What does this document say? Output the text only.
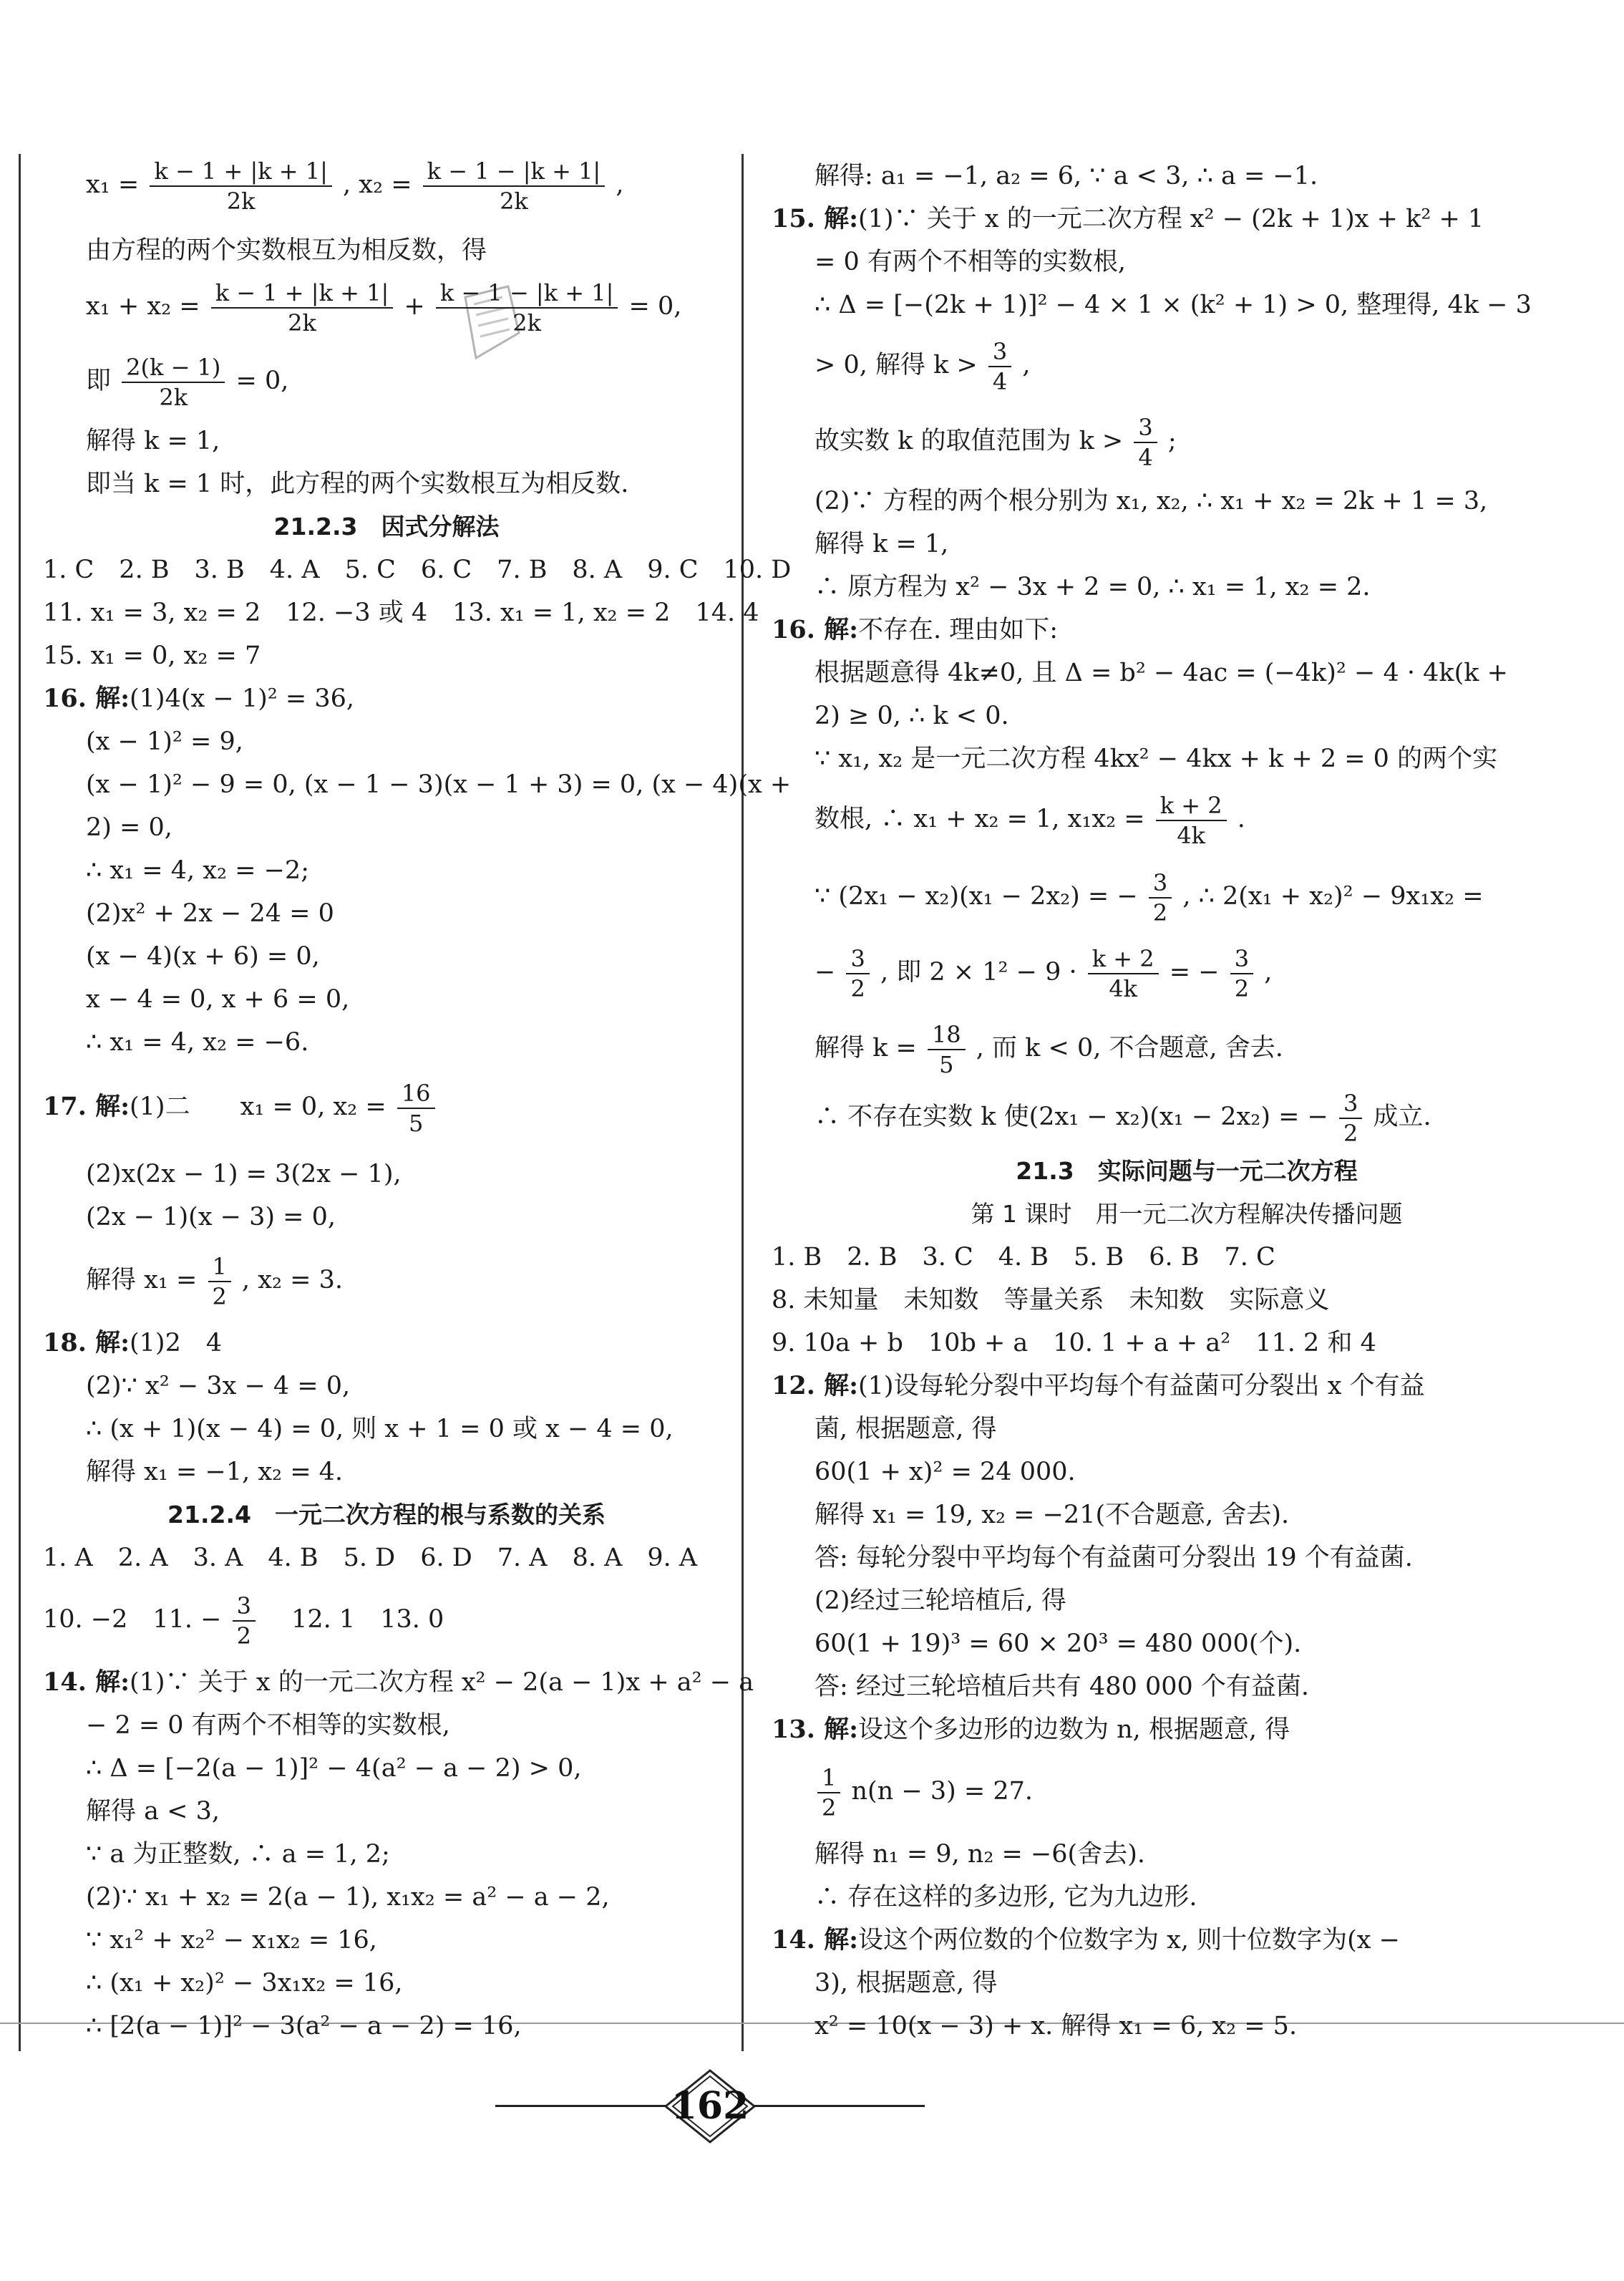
$x_1 = \frac{k - 1 + |k + 1|}{2k}$ , $x_2 = \frac{k - 1 - |k + 1|}{2k}$ ,
由方程的两个实数根互为相反数，得
$x_1 + x_2 = \frac{k - 1 + |k + 1|}{2k} + \frac{k - 1 - |k + 1|}{2k} = 0$,
即 $\frac{2(k - 1)}{2k} = 0$,
解得 k = 1,
即当 k = 1 时，此方程的两个实数根互为相反数.
21.2.3　因式分解法
1. C　2. B　3. B　4. A　5. C　6. C　7. B　8. A　9. C　10. D
11. x₁ = 3, x₂ = 2　12. −3 或 4　13. x₁ = 1, x₂ = 2　14. 4
15. x₁ = 0, x₂ = 7
16. 解:(1)4(x − 1)² = 36,
(x − 1)² = 9,
(x − 1)² − 9 = 0, (x − 1 − 3)(x − 1 + 3) = 0, (x − 4)(x +
2) = 0,
∴ x₁ = 4, x₂ = −2;
(2)x² + 2x − 24 = 0
(x − 4)(x + 6) = 0,
x − 4 = 0, x + 6 = 0,
∴ x₁ = 4, x₂ = −6.
17. 解:(1)二　　x₁ = 0, $x_2 = \frac{16}{5}$
(2)x(2x − 1) = 3(2x − 1),
(2x − 1)(x − 3) = 0,
解得 $x_1 = \frac{1}{2}$ , x₂ = 3.
18. 解:(1)2　4
(2)∵ x² − 3x − 4 = 0,
∴ (x + 1)(x − 4) = 0, 则 x + 1 = 0 或 x − 4 = 0,
解得 x₁ = −1, x₂ = 4.
21.2.4　一元二次方程的根与系数的关系
1. A　2. A　3. A　4. B　5. D　6. D　7. A　8. A　9. A
10. −2　11. − $\frac{3}{2}$ 　12. 1　13. 0
14. 解:(1)∵ 关于 x 的一元二次方程 x² − 2(a − 1)x + a² − a
− 2 = 0 有两个不相等的实数根,
∴ Δ = [−2(a − 1)]² − 4(a² − a − 2) > 0,
解得 a < 3,
∵ a 为正整数, ∴ a = 1, 2;
(2)∵ x₁ + x₂ = 2(a − 1), x₁x₂ = a² − a − 2,
∵ x₁² + x₂² − x₁x₂ = 16,
∴ (x₁ + x₂)² − 3x₁x₂ = 16,
∴ [2(a − 1)]² − 3(a² − a − 2) = 16,
解得: a₁ = −1, a₂ = 6, ∵ a < 3, ∴ a = −1.
15. 解:(1)∵ 关于 x 的一元二次方程 x² − (2k + 1)x + k² + 1
= 0 有两个不相等的实数根,
∴ Δ = [−(2k + 1)]² − 4 × 1 × (k² + 1) > 0, 整理得, 4k − 3
> 0, 解得 $k > \frac{3}{4}$ ,
故实数 k 的取值范围为 $k > \frac{3}{4}$ ;
(2)∵ 方程的两个根分别为 x₁, x₂, ∴ x₁ + x₂ = 2k + 1 = 3,
解得 k = 1,
∴ 原方程为 x² − 3x + 2 = 0, ∴ x₁ = 1, x₂ = 2.
16. 解:不存在. 理由如下:
根据题意得 4k≠0, 且 Δ = b² − 4ac = (−4k)² − 4 · 4k(k +
2) ≥ 0, ∴ k < 0.
∵ x₁, x₂ 是一元二次方程 4kx² − 4kx + k + 2 = 0 的两个实
数根, ∴ x₁ + x₂ = 1, $x_1x_2 = \frac{k + 2}{4k}$ .
∵ (2x₁ − x₂)(x₁ − 2x₂) = − $\frac{3}{2}$ , ∴ 2(x₁ + x₂)² − 9x₁x₂ =
− $\frac{3}{2}$ , 即 $2 \times 1^2 - 9 \cdot \frac{k + 2}{4k}$ = − $\frac{3}{2}$ ,
解得 $k = \frac{18}{5}$ , 而 k < 0, 不合题意, 舍去.
∴ 不存在实数 k 使(2x₁ − x₂)(x₁ − 2x₂) = − $\frac{3}{2}$ 成立.
21.3　实际问题与一元二次方程
第 1 课时　用一元二次方程解决传播问题
1. B　2. B　3. C　4. B　5. B　6. B　7. C
8. 未知量　未知数　等量关系　未知数　实际意义
9. 10a + b　10b + a　10. 1 + a + a²　11. 2 和 4
12. 解:(1)设每轮分裂中平均每个有益菌可分裂出 x 个有益
菌, 根据题意, 得
60(1 + x)² = 24 000.
解得 x₁ = 19, x₂ = −21(不合题意, 舍去).
答: 每轮分裂中平均每个有益菌可分裂出 19 个有益菌.
(2)经过三轮培植后, 得
60(1 + 19)³ = 60 × 20³ = 480 000(个).
答: 经过三轮培植后共有 480 000 个有益菌.
13. 解:设这个多边形的边数为 n, 根据题意, 得
$\frac{1}{2} n(n - 3) = 27$.
解得 n₁ = 9, n₂ = −6(舍去).
∴ 存在这样的多边形, 它为九边形.
14. 解:设这个两位数的个位数字为 x, 则十位数字为(x −
3), 根据题意, 得
x² = 10(x − 3) + x. 解得 x₁ = 6, x₂ = 5.
162
